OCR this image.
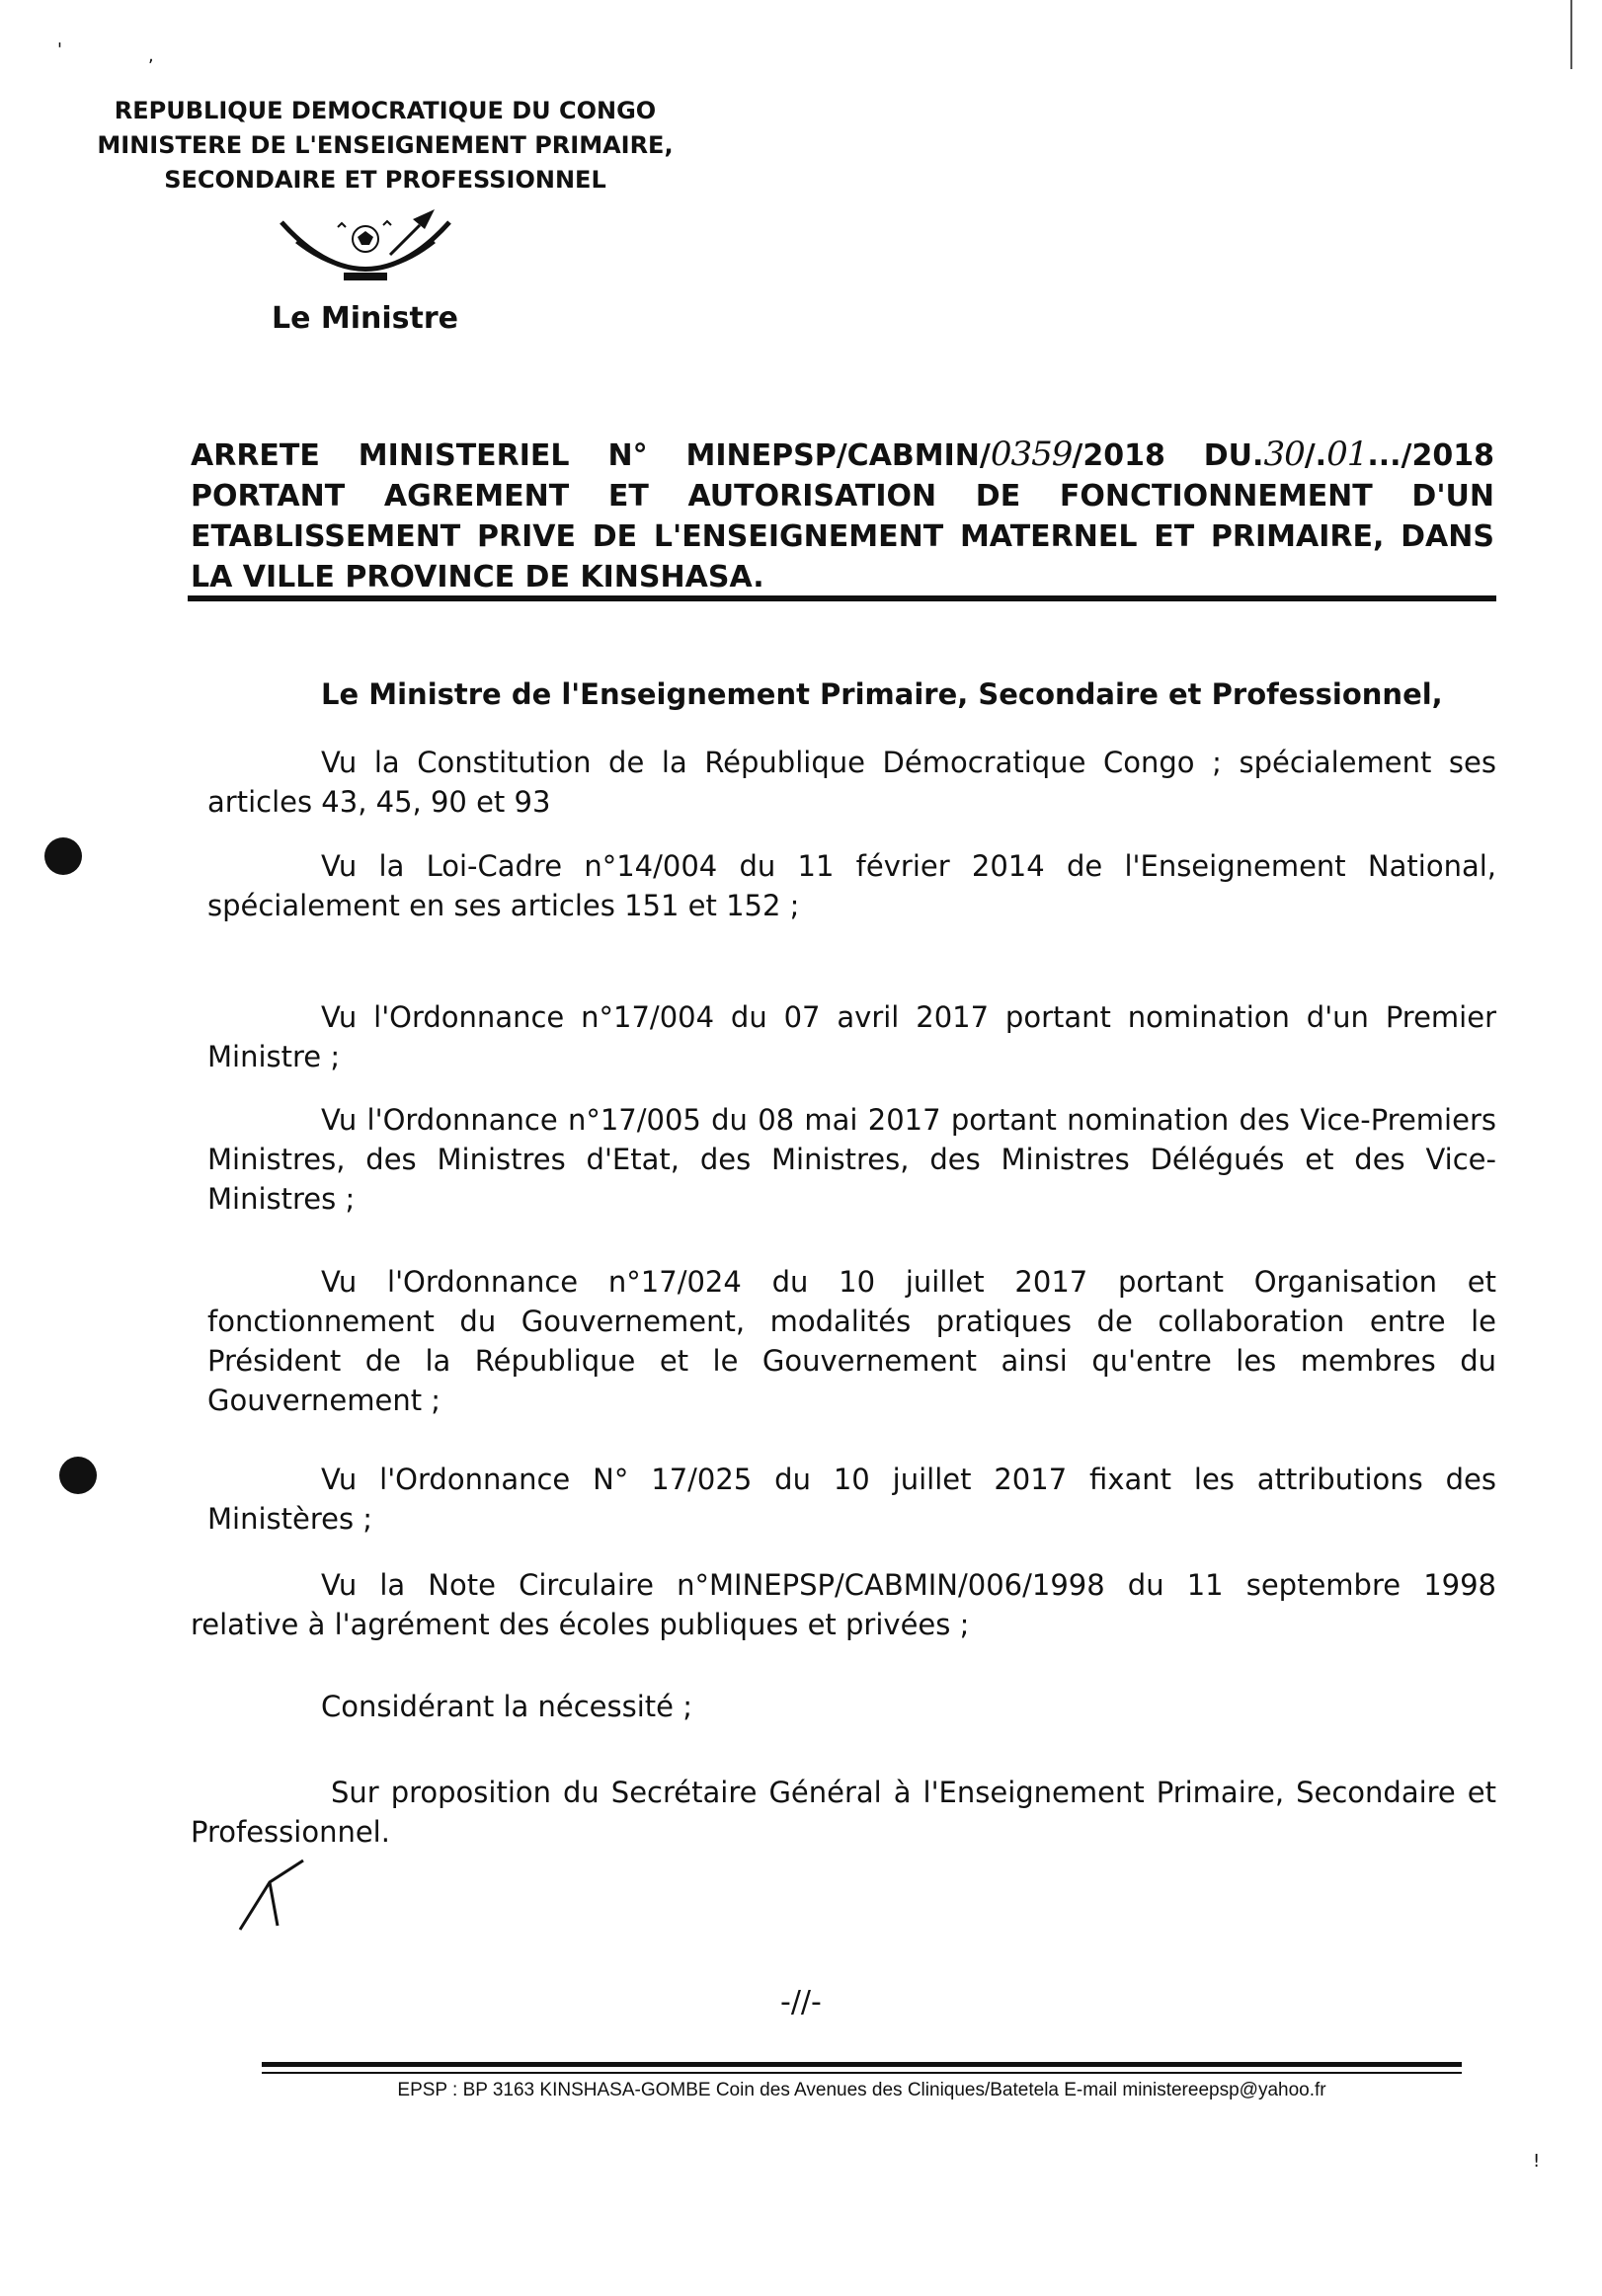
'	,
REPUBLIQUE DEMOCRATIQUE DU CONGO
MINISTERE DE L'ENSEIGNEMENT PRIMAIRE,
SECONDAIRE ET PROFESSIONNEL
Le Ministre
ARRETE MINISTERIEL N° MINEPSP/CABMIN/0359/2018 DU.30/.01.../2018
PORTANT AGREMENT ET AUTORISATION DE FONCTIONNEMENT D'UN
ETABLISSEMENT PRIVE DE L'ENSEIGNEMENT MATERNEL ET PRIMAIRE, DANS
LA VILLE PROVINCE DE KINSHASA.
Le Ministre de l'Enseignement Primaire, Secondaire et Professionnel,
Vu la Constitution de la République Démocratique Congo ; spécialement ses articles 43, 45, 90 et 93
Vu la Loi-Cadre n°14/004 du 11 février 2014 de l'Enseignement National, spécialement en ses articles 151 et 152 ;
Vu l'Ordonnance n°17/004 du 07 avril 2017 portant nomination d'un Premier Ministre ;
Vu l'Ordonnance n°17/005 du 08 mai 2017 portant nomination des Vice-Premiers Ministres, des Ministres d'Etat, des Ministres, des Ministres Délégués et des Vice-Ministres ;
Vu l'Ordonnance n°17/024 du 10 juillet 2017 portant Organisation et fonctionnement du Gouvernement, modalités pratiques de collaboration entre le Président de la République et le Gouvernement ainsi qu'entre les membres du Gouvernement ;
Vu l'Ordonnance N° 17/025 du 10 juillet 2017 fixant les attributions des Ministères ;
Vu la Note Circulaire n°MINEPSP/CABMIN/006/1998 du 11 septembre 1998 relative à l'agrément des écoles publiques et privées ;
Considérant la nécessité ;
Sur proposition du Secrétaire Général à l'Enseignement Primaire, Secondaire et Professionnel.
-//-
EPSP : BP 3163 KINSHASA-GOMBE Coin des Avenues des Cliniques/Batetela E-mail ministereepsp@yahoo.fr
!
